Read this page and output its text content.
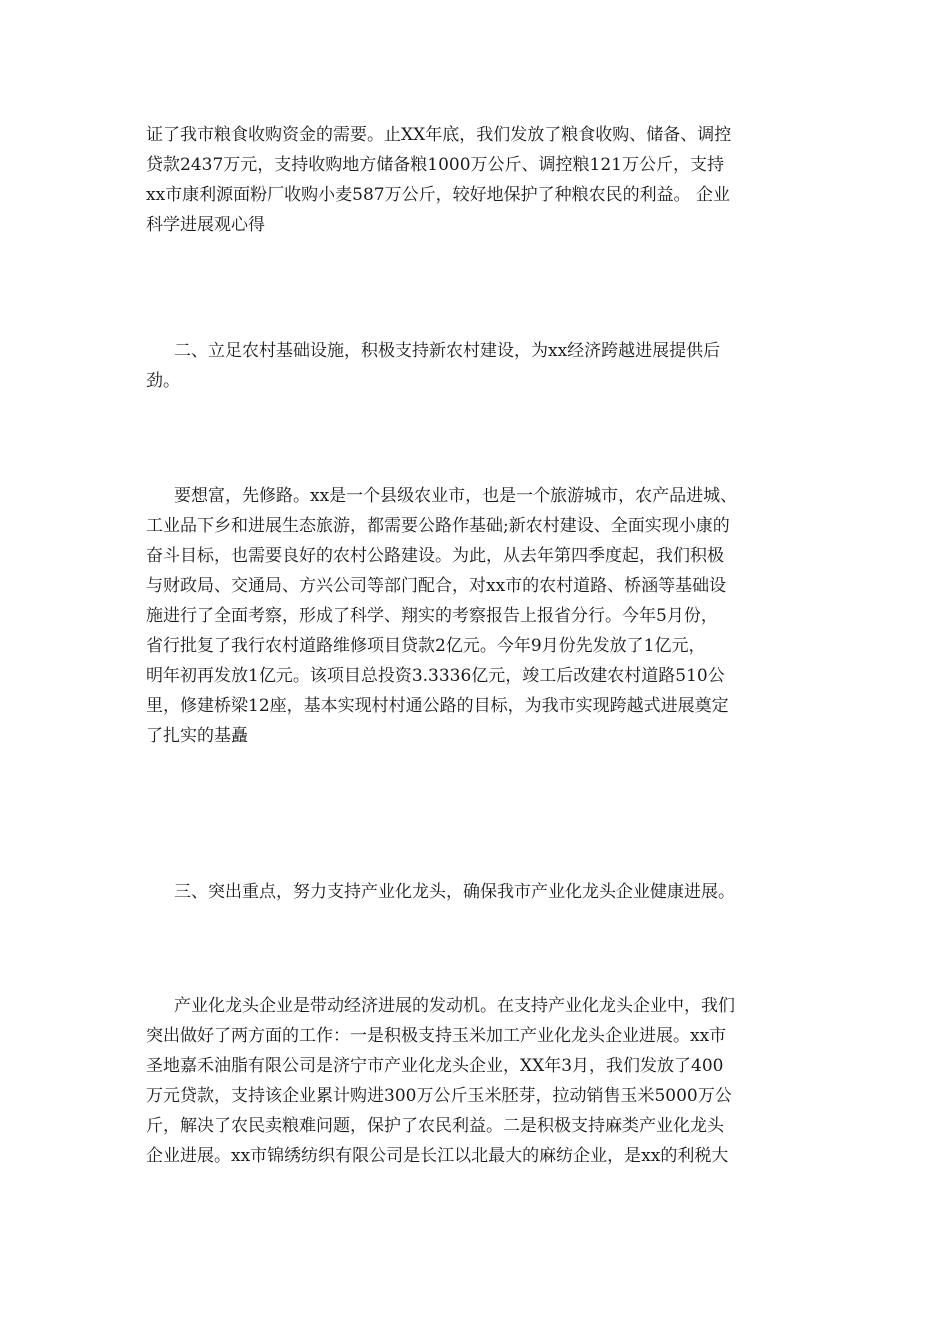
证了我市粮食收购资金的需要。止XX年底，我们发放了粮食收购、储备、调控
贷款2437万元，支持收购地方储备粮1000万公斤、调控粮121万公斤，支持
xx市康利源面粉厂收购小麦587万公斤，较好地保护了种粮农民的利益。 企业
科学进展观心得
二、立足农村基础设施，积极支持新农村建设，为xx经济跨越进展提供后
劲。
要想富，先修路。xx是一个县级农业市，也是一个旅游城市，农产品进城、
工业品下乡和进展生态旅游，都需要公路作基础;新农村建设、全面实现小康的
奋斗目标，也需要良好的农村公路建设。为此，从去年第四季度起，我们积极
与财政局、交通局、方兴公司等部门配合，对xx市的农村道路、桥涵等基础设
施进行了全面考察，形成了科学、翔实的考察报告上报省分行。今年5月份，
省行批复了我行农村道路维修项目贷款2亿元。今年9月份先发放了1亿元，
明年初再发放1亿元。该项目总投资3.3336亿元，竣工后改建农村道路510公
里，修建桥梁12座，基本实现村村通公路的目标，为我市实现跨越式进展奠定
了扎实的基矗
三、突出重点，努力支持产业化龙头，确保我市产业化龙头企业健康进展。
产业化龙头企业是带动经济进展的发动机。在支持产业化龙头企业中，我们
突出做好了两方面的工作：一是积极支持玉米加工产业化龙头企业进展。xx市
圣地嘉禾油脂有限公司是济宁市产业化龙头企业，XX年3月，我们发放了400
万元贷款，支持该企业累计购进300万公斤玉米胚芽，拉动销售玉米5000万公
斤，解决了农民卖粮难问题，保护了农民利益。二是积极支持麻类产业化龙头
企业进展。xx市锦绣纺织有限公司是长江以北最大的麻纺企业，是xx的利税大
